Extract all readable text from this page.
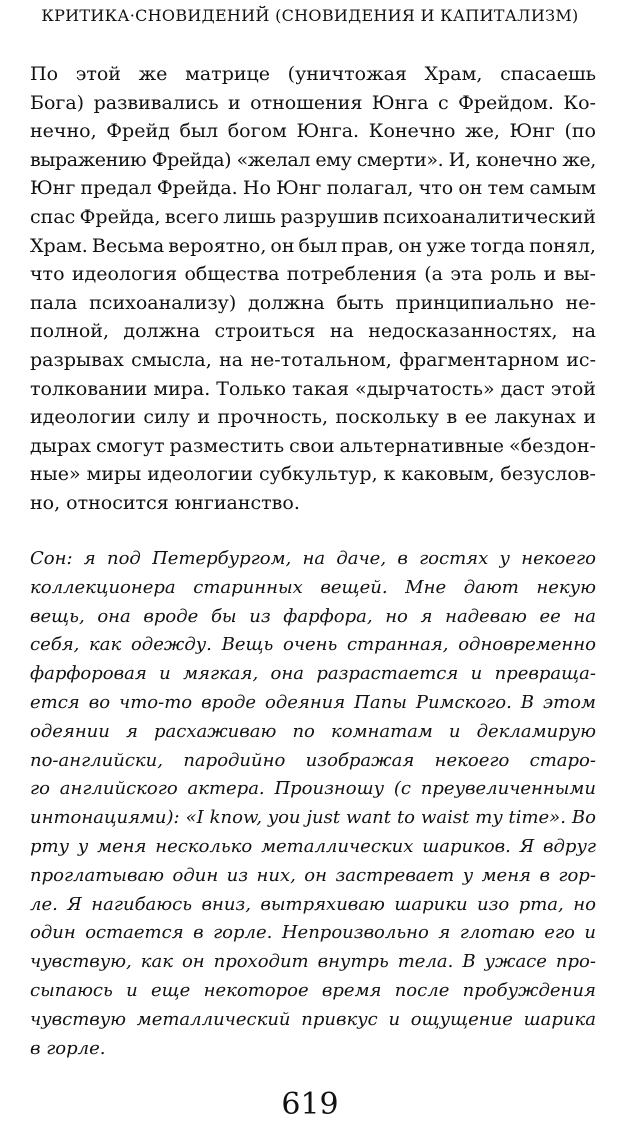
КРИТИКА·СНОВИДЕНИЙ (СНОВИДЕНИЯ И КАПИТАЛИЗМ)
По этой же матрице (уничтожая Храм, спасаешь
Бога) развивались и отношения Юнга с Фрейдом. Ко-
нечно, Фрейд был богом Юнга. Конечно же, Юнг (по
выражению Фрейда) «желал ему смерти». И, конечно же,
Юнг предал Фрейда. Но Юнг полагал, что он тем самым
спас Фрейда, всего лишь разрушив психоаналитический
Храм. Весьма вероятно, он был прав, он уже тогда понял,
что идеология общества потребления (а эта роль и вы-
пала психоанализу) должна быть принципиально не-
полной, должна строиться на недосказанностях, на
разрывах смысла, на не-тотальном, фрагментарном ис-
толковании мира. Только такая «дырчатость» даст этой
идеологии силу и прочность, поскольку в ее лакунах и
дырах смогут разместить свои альтернативные «бездон-
ные» миры идеологии субкультур, к каковым, безуслов-
но, относится юнгианство.
Сон: я под Петербургом, на даче, в гостях у некоего
коллекционера старинных вещей. Мне дают некую
вещь, она вроде бы из фарфора, но я надеваю ее на
себя, как одежду. Вещь очень странная, одновременно
фарфоровая и мягкая, она разрастается и превраща-
ется во что-то вроде одеяния Папы Римского. В этом
одеянии я расхаживаю по комнатам и декламирую
по-английски, пародийно изображая некоего старо-
го английского актера. Произношу (с преувеличенными
интонациями): «I know, you just want to waist my time». Во
рту у меня несколько металлических шариков. Я вдруг
проглатываю один из них, он застревает у меня в гор-
ле. Я нагибаюсь вниз, вытряхиваю шарики изо рта, но
один остается в горле. Непроизвольно я глотаю его и
чувствую, как он проходит внутрь тела. В ужасе про-
сыпаюсь и еще некоторое время после пробуждения
чувствую металлический привкус и ощущение шарика
в горле.
619
